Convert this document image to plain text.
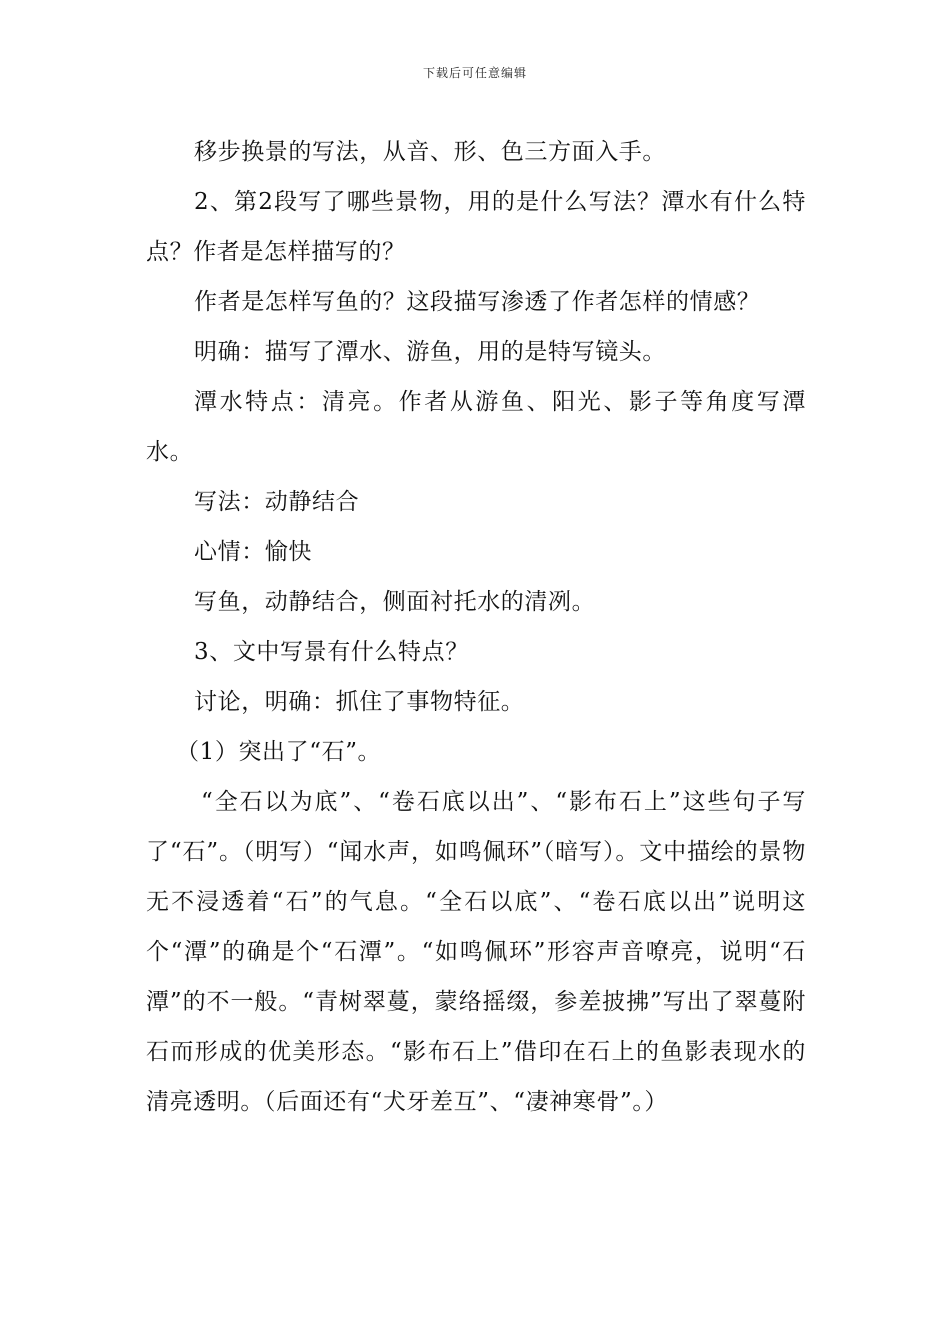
下载后可任意编辑

移步换景的写法，从音、形、色三方面入手。

2、第2段写了哪些景物，用的是什么写法？潭水有什么特点？作者是怎样描写的？

作者是怎样写鱼的？这段描写渗透了作者怎样的情感？

明确：描写了潭水、游鱼，用的是特写镜头。

潭水特点：清亮。作者从游鱼、阳光、影子等角度写潭水。

写法：动静结合

心情：愉快

写鱼，动静结合，侧面衬托水的清冽。

3、文中写景有什么特点？

讨论，明确：抓住了事物特征。

（1）突出了“石”。

“全石以为底”、“卷石底以出”、“影布石上”这些句子写了“石”。（明写）“闻水声，如鸣佩环”（暗写）。文中描绘的景物无不浸透着“石”的气息。“全石以底”、“卷石底以出”说明这个“潭”的确是个“石潭”。“如鸣佩环”形容声音嘹亮，说明“石潭”的不一般。“青树翠蔓，蒙络摇缀，参差披拂”写出了翠蔓附石而形成的优美形态。“影布石上”借印在石上的鱼影表现水的清亮透明。（后面还有“犬牙差互”、“凄神寒骨”。）
